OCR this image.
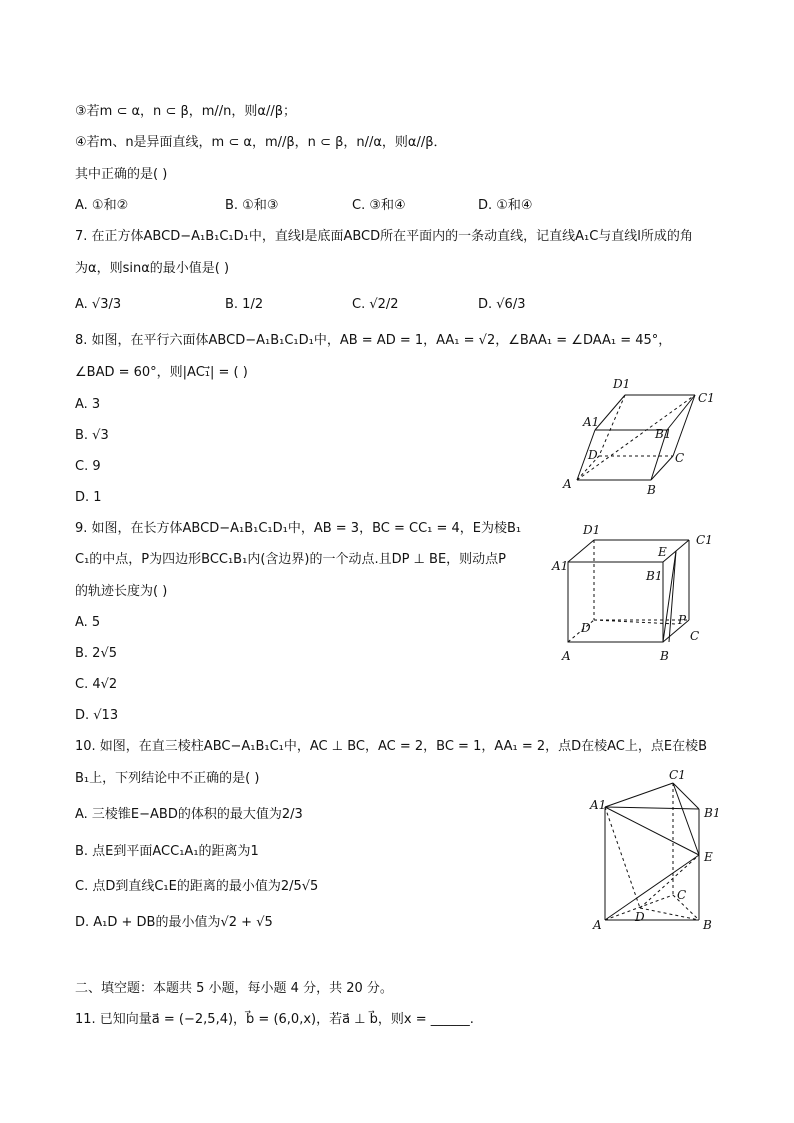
③若m ⊂ α，n ⊂ β，m//n，则α//β；
④若m、n是异面直线，m ⊂ α，m//β，n ⊂ β，n//α，则α//β．
其中正确的是( )
A. ①和②	B. ①和③	C. ③和④	D. ①和④
7. 在正方体ABCD−A₁B₁C₁D₁中，直线l是底面ABCD所在平面内的一条动直线，记直线A₁C与直线l所成的角
为α，则sinα的最小值是( )
A. √3/3	B. 1/2	C. √2/2	D. √6/3
8. 如图，在平行六面体ABCD−A₁B₁C₁D₁中，AB = AD = 1，AA₁ = √2，∠BAA₁ = ∠DAA₁ = 45°，
∠BAD = 60°，则|AC₁⃗| = ( )
A. 3
B. √3
C. 9
D. 1
D1
C1
A1
B1
D	C
A	B
9. 如图，在长方体ABCD−A₁B₁C₁D₁中，AB = 3，BC = CC₁ = 4，E为棱B₁
C₁的中点，P为四边形BCC₁B₁内(含边界)的一个动点.且DP ⊥ BE，则动点P
的轨迹长度为( )
A. 5
B. 2√5
C. 4√2
D. √13
D1
C1
A1
E
B1
P
D
C
A	B
10. 如图，在直三棱柱ABC−A₁B₁C₁中，AC ⊥ BC，AC = 2，BC = 1，AA₁ = 2，点D在棱AC上，点E在棱B
B₁上，下列结论中不正确的是( )
A. 三棱锥E−ABD的体积的最大值为2/3
B. 点E到平面ACC₁A₁的距离为1
C. 点D到直线C₁E的距离的最小值为2/5√5
D. A₁D + DB的最小值为√2 + √5
C1
A1
B1
E
C
D
A	B
二、填空题：本题共 5 小题，每小题 4 分，共 20 分。
11. 已知向量a⃗ = (−2,5,4)，b⃗ = (6,0,x)，若a⃗ ⊥ b⃗，则x = ______.
